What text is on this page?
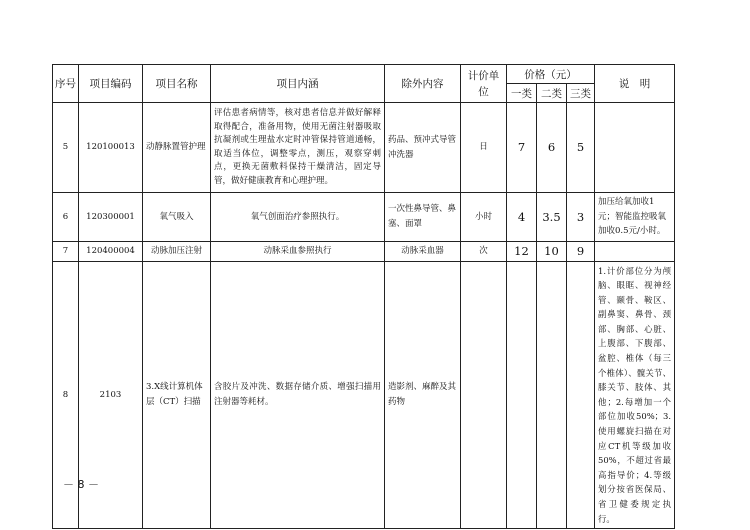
序号	项目编码	项目名称	项目内涵	除外内容	计价单位	价格（元）			说　明
						一类	二类	三类	
5	120100013	动静脉置管护理	评估患者病情等，核对患者信息并做好解释取得配合，准备用物，使用无菌注射器吸取抗凝剂或生理盐水定时冲管保持管道通畅，取适当体位，调整零点，测压，观察穿刺点，更换无菌敷料保持干燥清洁，固定导管，做好健康教育和心理护理。	药品、预冲式导管冲洗器	日	7	6	5	
6	120300001	氧气吸入	氧气创面治疗参照执行。	一次性鼻导管、鼻塞、面罩	小时	4	3.5	3	加压给氧加收1元；智能监控吸氧加收0.5元/小时。
7	120400004	动脉加压注射	动脉采血参照执行	动脉采血器	次	12	10	9	
8	2103	3.X线计算机体层（CT）扫描	含胶片及冲洗、数据存储介质、增强扫描用注射器等耗材。	造影剂、麻醉及其药物					1.计价部位分为颅脑、眼眶、视神经管、颞骨、鞍区、副鼻窦、鼻骨、颈部、胸部、心脏、上腹部、下腹部、盆腔、椎体（每三个椎体）、髋关节、膝关节、肢体、其他；2.每增加一个部位加收50%；3.使用螺旋扫描在对应CT机等级加收50%，不超过省最高指导价；4.等级划分按省医保局、省卫健委规定执行。
－ 8 －
